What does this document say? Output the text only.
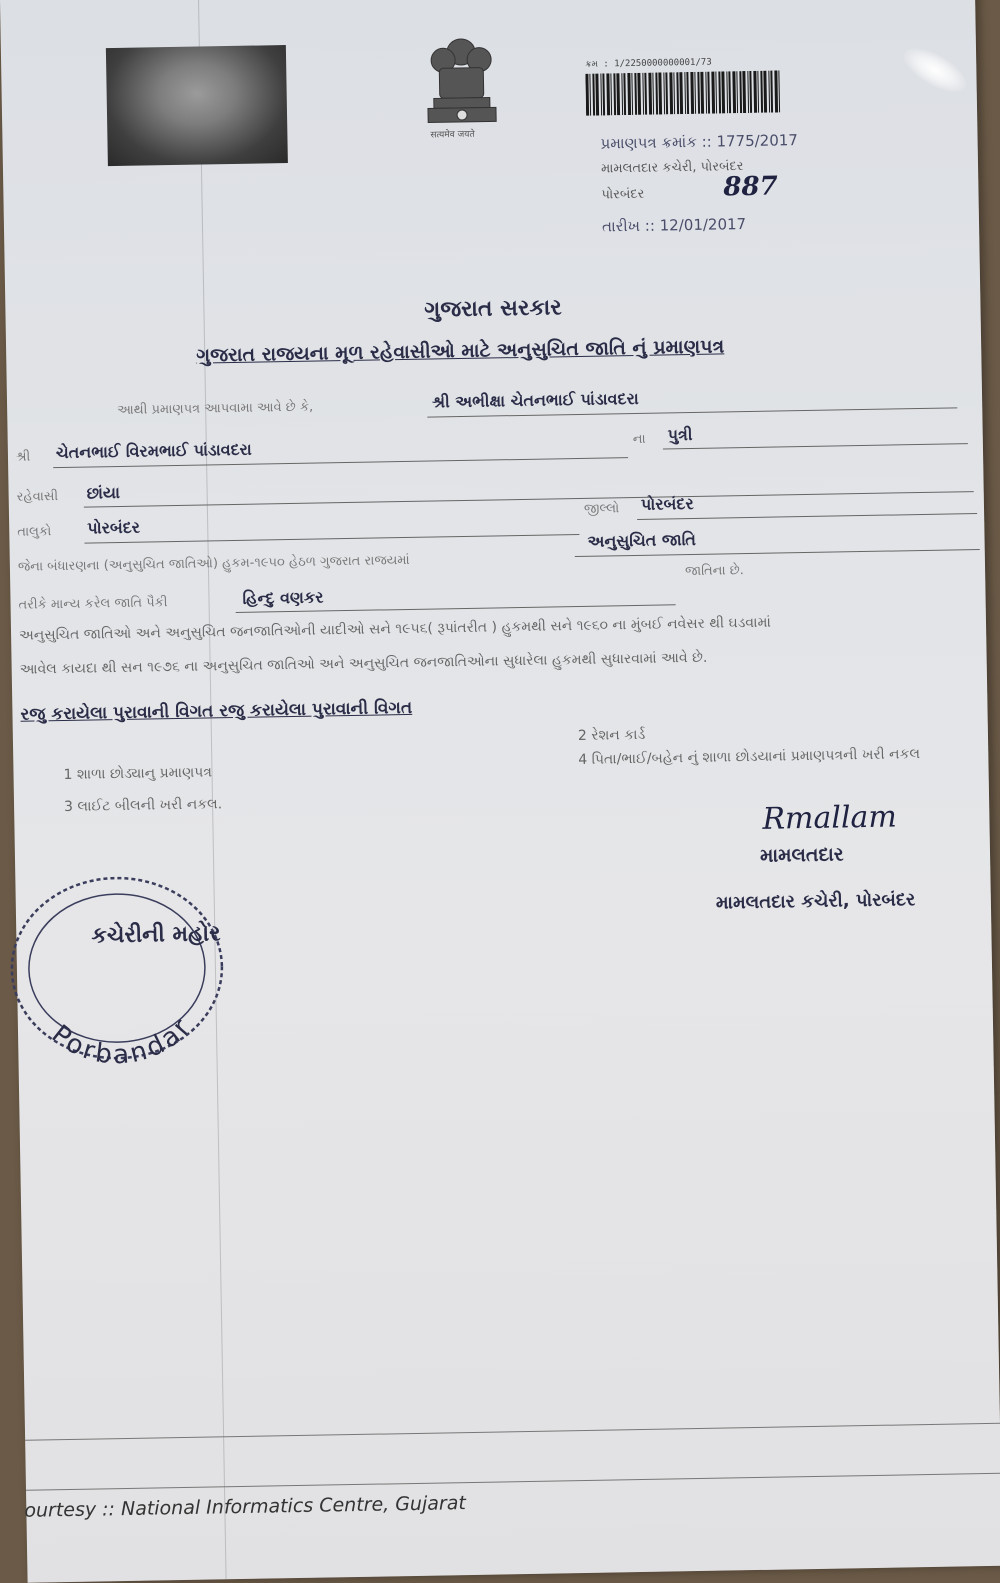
सत्यमेव जयते
ક્રમ : 1/2250000000001/73
પ્રમાણપત્ર ક્રમાંક :: 1775/2017
મામલતદાર કચેરી, પોરબંદર
પોરબંદર	887
તારીખ :: 12/01/2017
ગુજરાત સરકાર
ગુજરાત રાજયના મૂળ રહેવાસીઓ માટે અનુસુચિત જાતિ નું પ્રમાણપત્ર
આથી પ્રમાણપત્ર આપવામા આવે છે કે,	શ્રી અભીક્ષા ચેતનભાઈ પાંડાવદરા
શ્રી ચેતનભાઈ વિરમભાઈ પાંડાવદરા
ના પુત્રી
રહેવાસી છાંયા
તાલુકો પોરબંદર
જીલ્લો પોરબંદર
જેના બંધારણના (અનુસુચિત જાતિઓ) હુકમ-૧૯૫૦ હેઠળ ગુજરાત રાજયમાં
અનુસુચિત જાતિ
તરીકે માન્ય કરેલ જાતિ પૈકી	હિન્દુ વણકર
જાતિના છે.
અનુસુચિત જાતિઓ અને અનુસુચિત જનજાતિઓની યાદીઓ સને ૧૯૫૬( રૂપાંતરીત ) હુકમથી સને ૧૯૬૦ ના મુંબઈ નવેસર થી ઘડવામાં
આવેલ કાયદા થી સન ૧૯૭૬ ના અનુસુચિત જાતિઓ અને અનુસુચિત જનજાતિઓના સુધારેલા હુકમથી સુધારવામાં આવે છે.
રજુ કરાયેલા પુરાવાની વિગત રજુ કરાયેલા પુરાવાની વિગત
2 રેશન કાર્ડ
1 શાળા છોડ્યાનુ પ્રમાણપત્ર
4 પિતા/ભાઈ/બહેન નું શાળા છોડયાનાં પ્રમાણપત્રની ખરી નકલ
3 લાઈટ બીલની ખરી નકલ.	Rmallam
મામલતદાર
મામલતદાર કચેરી, પોરબંદર
Porbandar
કચેરીની મહોર
ourtesy :: National Informatics Centre, Gujarat
